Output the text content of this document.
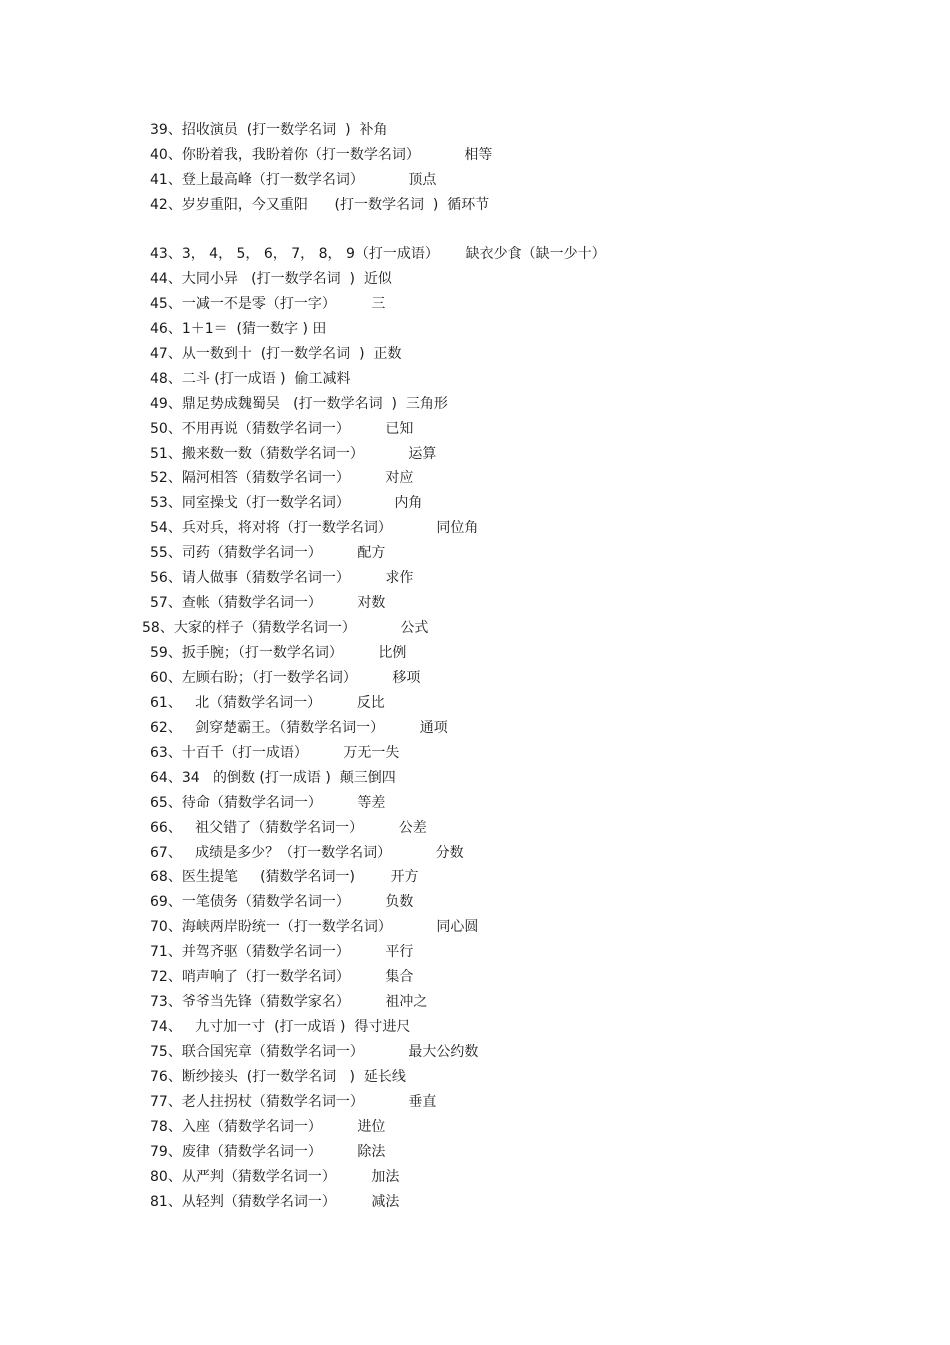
39、招收演员  (打一数学名词  )  补角

40、你盼着我，我盼着你（打一数学名词）          相等

41、登上最高峰（打一数学名词）          顶点

42、岁岁重阳，今又重阳      (打一数学名词  )  循环节

43、3， 4， 5， 6， 7， 8， 9（打一成语）      缺衣少食（缺一少十）

44、大同小异   (打一数学名词  )  近似

45、一减一不是零（打一字）        三

46、1＋1＝  (猜一数字 ) 田

47、从一数到十  (打一数学名词  )  正数

48、二斗 (打一成语 )  偷工减料

49、鼎足势成魏蜀吴   (打一数学名词  )  三角形

50、不用再说（猜数学名词一）        已知

51、搬来数一数（猜数学名词一）          运算

52、隔河相答（猜数学名词一）        对应

53、同室操戈（打一数学名词）          内角

54、兵对兵，将对将（打一数学名词）          同位角

55、司药（猜数学名词一）        配方

56、请人做事（猜数学名词一）        求作

57、查帐（猜数学名词一）        对数

58、大家的样子（猜数学名词一）          公式

59、扳手腕；（打一数学名词）        比例

60、左顾右盼；（打一数学名词）        移项

61、   北（猜数学名词一）        反比

62、   剑穿楚霸王。（猜数学名词一）        通项

63、十百千（打一成语）        万无一失

64、34   的倒数 (打一成语 )  颠三倒四

65、待命（猜数学名词一）        等差

66、   祖父错了（猜数学名词一）        公差

67、   成绩是多少？（打一数学名词）          分数

68、医生提笔     (猜数学名词一)        开方

69、一笔债务（猜数学名词一）        负数

70、海峡两岸盼统一（打一数学名词）          同心圆

71、并驾齐驱（猜数学名词一）        平行

72、哨声响了（打一数学名词）        集合

73、爷爷当先锋（猜数学家名）        祖冲之

74、   九寸加一寸  (打一成语 )  得寸进尺

75、联合国宪章（猜数学名词一）          最大公约数

76、断纱接头  (打一数学名词   )  延长线

77、老人拄拐杖（猜数学名词一）          垂直

78、入座（猜数学名词一）        进位

79、废律（猜数学名词一）        除法

80、从严判（猜数学名词一）        加法

81、从轻判（猜数学名词一）        减法
